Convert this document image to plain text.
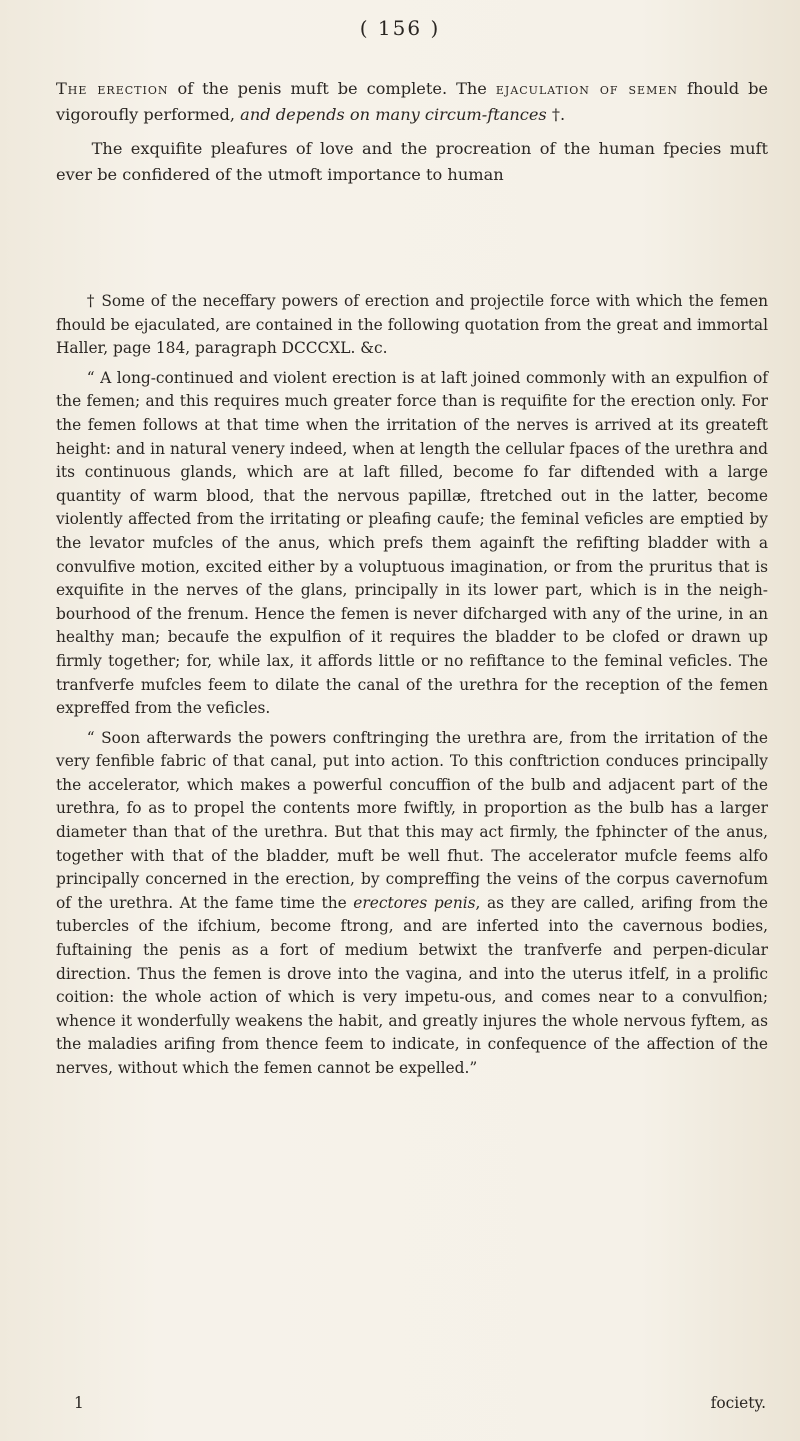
( 156 )

The erection of the penis muft be complete. The ejaculation of semen fhould be vigoroufly performed, and depends on many circum-ftances †.

The exquifite pleafures of love and the procreation of the human fpecies muft ever be confidered of the utmoft importance to human

† Some of the neceffary powers of erection and projectile force with which the femen fhould be ejaculated, are contained in the following quotation from the great and immortal Haller, page 184, paragraph DCCCXL. &c.

“ A long-continued and violent erection is at laft joined commonly with an expulfion of the femen; and this requires much greater force than is requifite for the erection only. For the femen follows at that time when the irritation of the nerves is arrived at its greateft height: and in natural venery indeed, when at length the cellular fpaces of the urethra and its continuous glands, which are at laft filled, become fo far diftended with a large quantity of warm blood, that the nervous papillæ, ftretched out in the latter, become violently affected from the irritating or pleafing caufe; the feminal veficles are emptied by the levator mufcles of the anus, which prefs them againft the refifting bladder with a convulfive motion, excited either by a voluptuous imagination, or from the pruritus that is exquifite in the nerves of the glans, principally in its lower part, which is in the neigh-bourhood of the frenum. Hence the femen is never difcharged with any of the urine, in an healthy man; becaufe the expulfion of it requires the bladder to be clofed or drawn up firmly together; for, while lax, it affords little or no refiftance to the feminal veficles. The tranfverfe mufcles feem to dilate the canal of the urethra for the reception of the femen expreffed from the veficles.

“ Soon afterwards the powers conftringing the urethra are, from the irritation of the very fenfible fabric of that canal, put into action. To this conftriction conduces principally the accelerator, which makes a powerful concuffion of the bulb and adjacent part of the urethra, fo as to propel the contents more fwiftly, in proportion as the bulb has a larger diameter than that of the urethra. But that this may act firmly, the fphincter of the anus, together with that of the bladder, muft be well fhut. The accelerator mufcle feems alfo principally concerned in the erection, by compreffing the veins of the corpus cavernofum of the urethra. At the fame time the erectores penis, as they are called, arifing from the tubercles of the ifchium, become ftrong, and are inferted into the cavernous bodies, fuftaining the penis as a fort of medium betwixt the tranfverfe and perpen-dicular direction. Thus the femen is drove into the vagina, and into the uterus itfelf, in a prolific coition: the whole action of which is very impetu-ous, and comes near to a convulfion; whence it wonderfully weakens the habit, and greatly injures the whole nervous fyftem, as the maladies arifing from thence feem to indicate, in confequence of the affection of the nerves, without which the femen cannot be expelled.”

1	fociety.
